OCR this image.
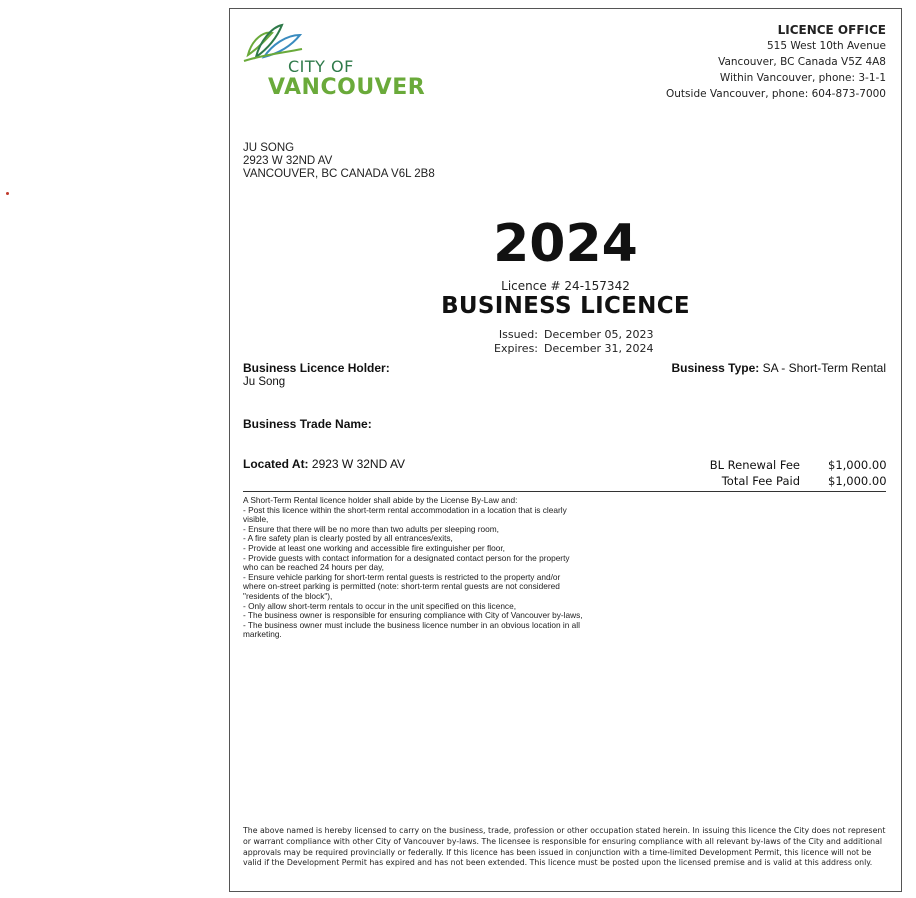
CITY OF
VANCOUVER
LICENCE OFFICE
515 West 10th Avenue
Vancouver, BC Canada V5Z 4A8
Within Vancouver, phone: 3-1-1
Outside Vancouver, phone: 604-873-7000
JU SONG
2923 W 32ND AV
VANCOUVER, BC CANADA V6L 2B8
2024
Licence # 24-157342
BUSINESS LICENCE
Issued: December 05, 2023
Expires: December 31, 2024
Business Licence Holder:
Ju Song
Business Type: SA - Short-Term Rental
Business Trade Name:
Located At: 2923 W 32ND AV	BL Renewal Fee $1,000.00
Total Fee Paid $1,000.00

A Short-Term Rental licence holder shall abide by the License By-Law and:

- Post this licence within the short-term rental accommodation in a location that is clearly visible,

- Ensure that there will be no more than two adults per sleeping room,

- A fire safety plan is clearly posted by all entrances/exits,

- Provide at least one working and accessible fire extinguisher per floor,

- Provide guests with contact information for a designated contact person for the property who can be reached 24 hours per day,

- Ensure vehicle parking for short-term rental guests is restricted to the property and/or where on-street parking is permitted (note: short-term rental guests are not considered "residents of the block"),

- Only allow short-term rentals to occur in the unit specified on this licence,

- The business owner is responsible for ensuring compliance with City of Vancouver by-laws,

- The business owner must include the business licence number in an obvious location in all marketing.

The above named is hereby licensed to carry on the business, trade, profession or other occupation stated herein. In issuing this licence the City does not represent or warrant compliance with other City of Vancouver by-laws. The licensee is responsible for ensuring compliance with all relevant by-laws of the City and additional approvals may be required provincially or federally. If this licence has been issued in conjunction with a time-limited Development Permit, this licence will not be valid if the Development Permit has expired and has not been extended. This licence must be posted upon the licensed premise and is valid at this address only.
